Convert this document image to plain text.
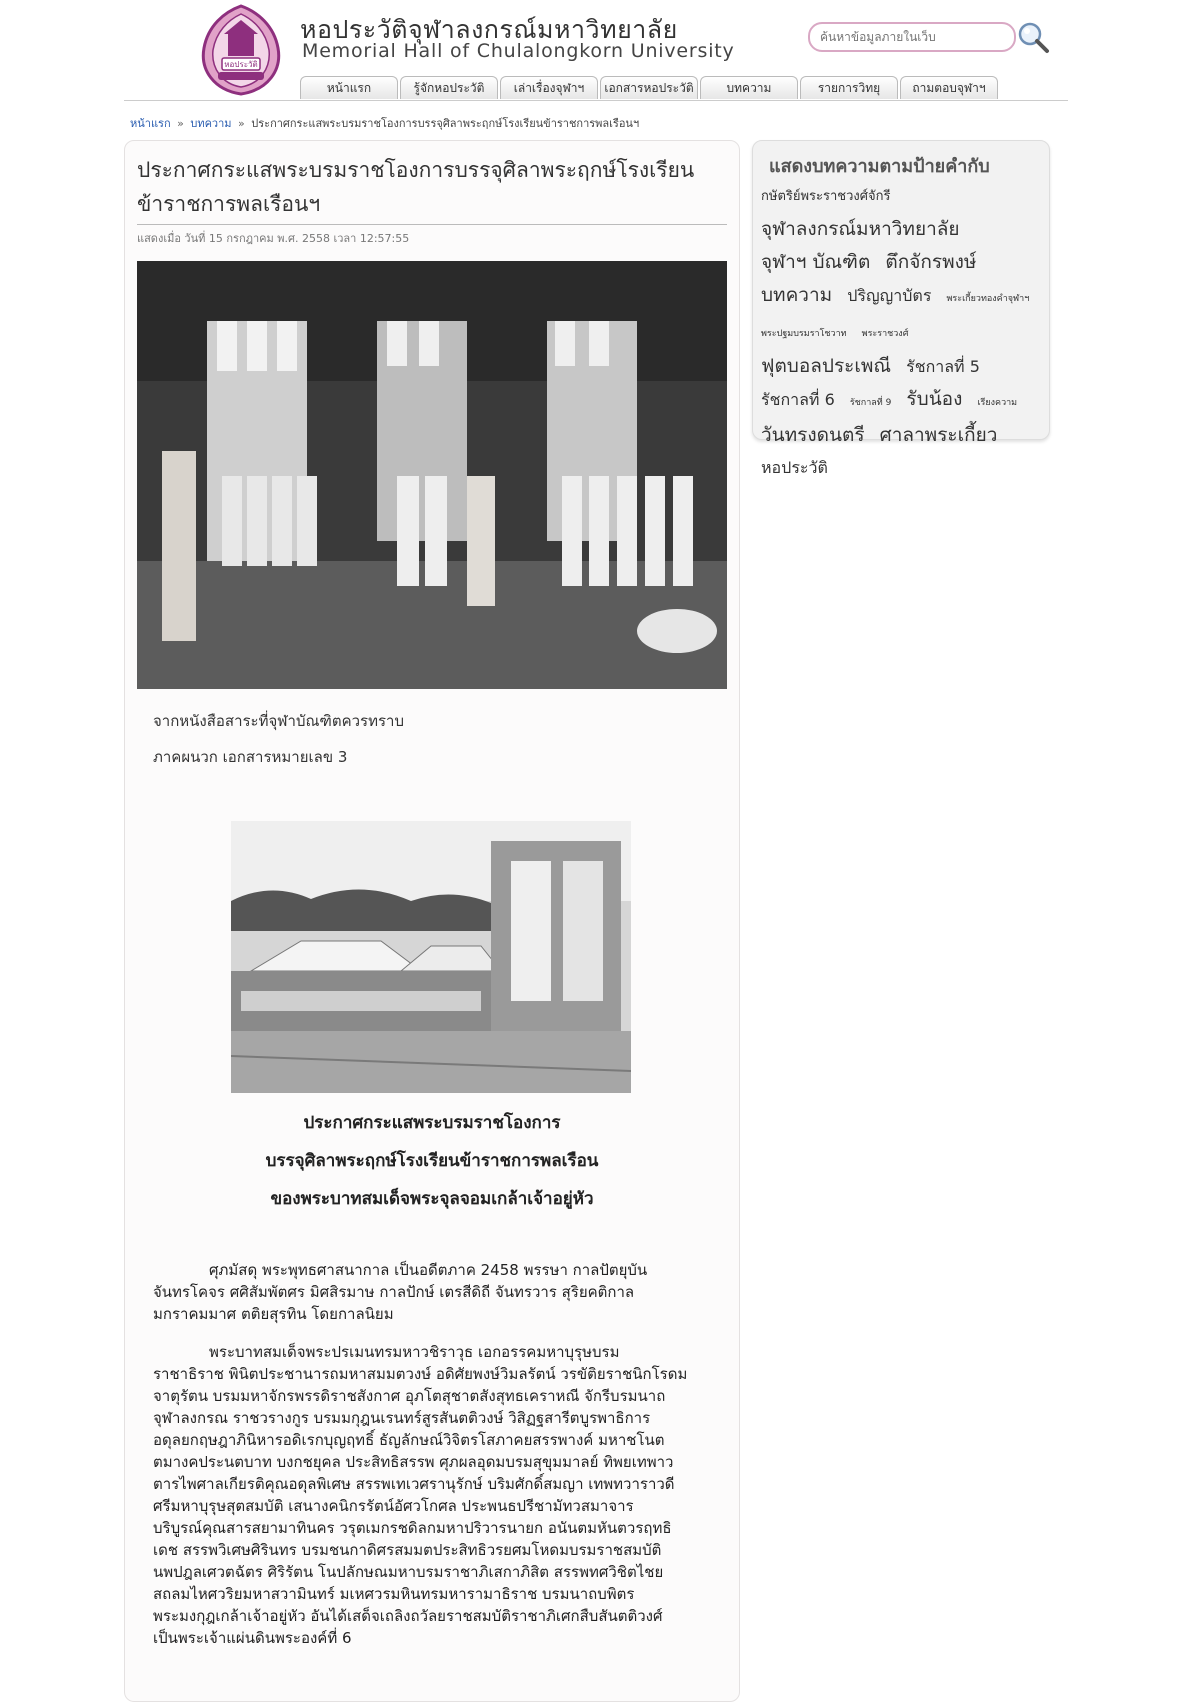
หอประวัติ
หอประวัติจุฬาลงกรณ์มหาวิทยาลัย
Memorial Hall of Chulalongkorn University
ค้นหาข้อมูลภายในเว็บ
หน้าแรก	รู้จักหอประวัติ	เล่าเรื่องจุฬาฯ	เอกสารหอประวัติ	บทความ	รายการวิทยุ	ถามตอบจุฬาฯ
หน้าแรก » บทความ » ประกาศกระแสพระบรมราชโองการบรรจุศิลาพระฤกษ์โรงเรียนข้าราชการพลเรือนฯ
ประกาศกระแสพระบรมราชโองการบรรจุศิลาพระฤกษ์โรงเรียน
ข้าราชการพลเรือนฯ
แสดงเมื่อ วันที่ 15 กรกฎาคม พ.ศ. 2558 เวลา 12:57:55
จากหนังสือสาระที่จุฬาบัณฑิตควรทราบ
ภาคผนวก เอกสารหมายเลข 3
ประกาศกระแสพระบรมราชโองการ
บรรจุศิลาพระฤกษ์โรงเรียนข้าราชการพลเรือน
ของพระบาทสมเด็จพระจุลจอมเกล้าเจ้าอยู่หัว
ศุภมัสดุ พระพุทธศาสนากาล เป็นอดีตภาค 2458 พรรษา กาลปัตยุบัน
จันทรโคจร ศศิสัมพัตศร มิศสิรมาษ กาลปักษ์ เตรสีดิถี จันทรวาร สุริยคติกาล
มกราคมมาศ ตติยสุรทิน โดยกาลนิยม
พระบาทสมเด็จพระปรเมนทรมหาวชิราวุธ เอกอรรคมหาบุรุษบรม
ราชาธิราช พินิตประชานารถมหาสมมตวงษ์ อดิศัยพงษ์วิมลรัตน์ วรขัติยราชนิกโรดม
จาตุรัตน บรมมหาจักรพรรดิราชสังกาศ อุภโตสุชาตสังสุทธเคราหณี จักรีบรมนาถ
จุฬาลงกรณ ราชวรางกูร บรมมกุฎนเรนทร์สูรสันตติวงษ์ วิสิฏฐสารีตบูรพาธิการ
อดุลยกฤษฎาภินิหารอดิเรกบุญฤทธิ์ ธัญลักษณ์วิจิตรโสภาคยสรรพางค์ มหาชโนต
ตมางคประนตบาท บงกชยุคล ประสิทธิสรรพ ศุภผลอุดมบรมสุขุมมาลย์ ทิพยเทพาว
ตารไพศาลเกียรติคุณอดุลพิเศษ สรรพเทเวศรานุรักษ์ บริมศักดิ์สมญา เทพทวาราวดี
ศรีมหาบุรุษสุตสมบัติ เสนางคนิกรรัตน์อัศวโกศล ประพนธปรีชามัทวสมาจาร
บริบูรณ์คุณสารสยามาทินคร วรุตเมกรชดิลกมหาปริวารนายก อนันตมหันตวรฤทธิ
เดช สรรพวิเศษศิรินทร บรมชนกาดิศรสมมตประสิทธิวรยศมโหดมบรมราชสมบัติ
นพปฎลเศวตฉัตร ศิริรัตน โนปลักษณมหาบรมราชาภิเสกาภิสิต สรรพทศวิชิตไชย
สถลมไหศวริยมหาสวามินทร์ มเหศวรมหินทรมหารามาธิราช บรมนาถบพิตร
พระมงกุฎเกล้าเจ้าอยู่หัว อันได้เสด็จเถลิงถวัลยราชสมบัติราชาภิเศกสืบสันตติวงศ์
เป็นพระเจ้าแผ่นดินพระองค์ที่ 6
แสดงบทความตามป้ายคำกับ
กษัตริย์พระราชวงศ์จักรี จุฬาลงกรณ์มหาวิทยาลัย จุฬาฯ บัณฑิต ตึกจักรพงษ์ บทความ ปริญญาบัตร พระเกี้ยวทองคำจุฬาฯ พระปฐมบรมราโชวาท พระราชวงศ์ ฟุตบอลประเพณี รัชกาลที่ 5 รัชกาลที่ 6 รัชกาลที่ 9 รับน้อง เรียงความ วันทรงดนตรี ศาลาพระเกี้ยว หอประวัติ
